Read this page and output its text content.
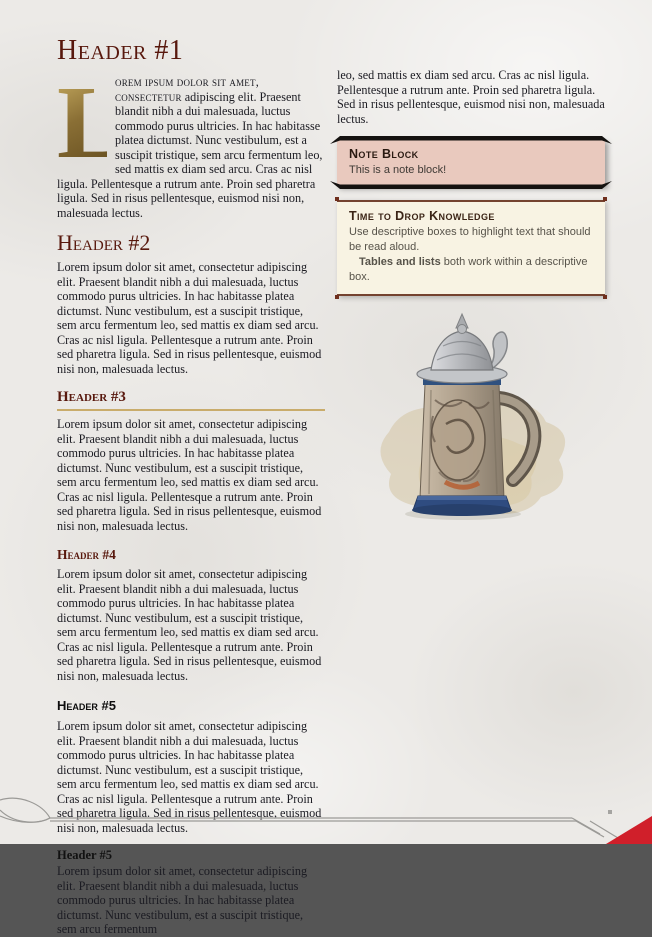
Header #1

L
orem ipsum dolor sit amet, consectetur adipiscing elit. Praesent blandit nibh a dui malesuada, luctus commodo purus ultricies. In hac habitasse platea dictumst. Nunc vestibulum, est a suscipit tristique, sem arcu fermentum leo, sed mattis ex diam sed arcu. Cras ac nisl ligula. Pellentesque a rutrum ante. Proin sed pharetra ligula. Sed in risus pellentesque, euismod nisi non, malesuada lectus.

Header #2

Lorem ipsum dolor sit amet, consectetur adipiscing elit. Praesent blandit nibh a dui malesuada, luctus commodo purus ultricies. In hac habitasse platea dictumst. Nunc vestibulum, est a suscipit tristique, sem arcu fermentum leo, sed mattis ex diam sed arcu. Cras ac nisl ligula. Pellentesque a rutrum ante. Proin sed pharetra ligula. Sed in risus pellentesque, euismod nisi non, malesuada lectus.

Header #3

Lorem ipsum dolor sit amet, consectetur adipiscing elit. Praesent blandit nibh a dui malesuada, luctus commodo purus ultricies. In hac habitasse platea dictumst. Nunc vestibulum, est a suscipit tristique, sem arcu fermentum leo, sed mattis ex diam sed arcu. Cras ac nisl ligula. Pellentesque a rutrum ante. Proin sed pharetra ligula. Sed in risus pellentesque, euismod nisi non, malesuada lectus.

Header #4

Lorem ipsum dolor sit amet, consectetur adipiscing elit. Praesent blandit nibh a dui malesuada, luctus commodo purus ultricies. In hac habitasse platea dictumst. Nunc vestibulum, est a suscipit tristique, sem arcu fermentum leo, sed mattis ex diam sed arcu. Cras ac nisl ligula. Pellentesque a rutrum ante. Proin sed pharetra ligula. Sed in risus pellentesque, euismod nisi non, malesuada lectus.

Header #5

Lorem ipsum dolor sit amet, consectetur adipiscing elit. Praesent blandit nibh a dui malesuada, luctus commodo purus ultricies. In hac habitasse platea dictumst. Nunc vestibulum, est a suscipit tristique, sem arcu fermentum leo, sed mattis ex diam sed arcu. Cras ac nisl ligula. Pellentesque a rutrum ante. Proin sed pharetra ligula. Sed in risus pellentesque, euismod nisi non, malesuada lectus.

Header #5

Lorem ipsum dolor sit amet, consectetur adipiscing elit. Praesent blandit nibh a dui malesuada, luctus commodo purus ultricies. In hac habitasse platea dictumst. Nunc vestibulum, est a suscipit tristique, sem arcu fermentum

leo, sed mattis ex diam sed arcu. Cras ac nisl ligula. Pellentesque a rutrum ante. Proin sed pharetra ligula. Sed in risus pellentesque, euismod nisi non, malesuada lectus.

Note Block
This is a note block!
Time to Drop Knowledge

Use descriptive boxes to highlight text that should be read aloud.

Tables and lists both work within a descriptive box.
